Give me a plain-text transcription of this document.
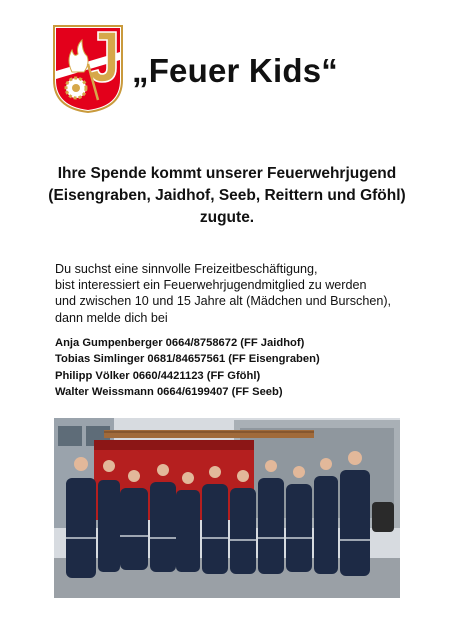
„Feuer Kids“
Ihre Spende kommt unserer Feuerwehrjugend
(Eisengraben, Jaidhof, Seeb, Reittern und Gföhl)
zugute.
Du suchst eine sinnvolle Freizeitbeschäftigung,
bist interessiert ein Feuerwehrjugendmitglied zu werden
und zwischen 10 und 15 Jahre alt (Mädchen und Burschen),
dann melde dich bei
Anja Gumpenberger 0664/8758672 (FF Jaidhof)
Tobias Simlinger 0681/84657561 (FF Eisengraben)
Philipp Völker 0660/4421123 (FF Gföhl)
Walter Weissmann 0664/6199407 (FF Seeb)
